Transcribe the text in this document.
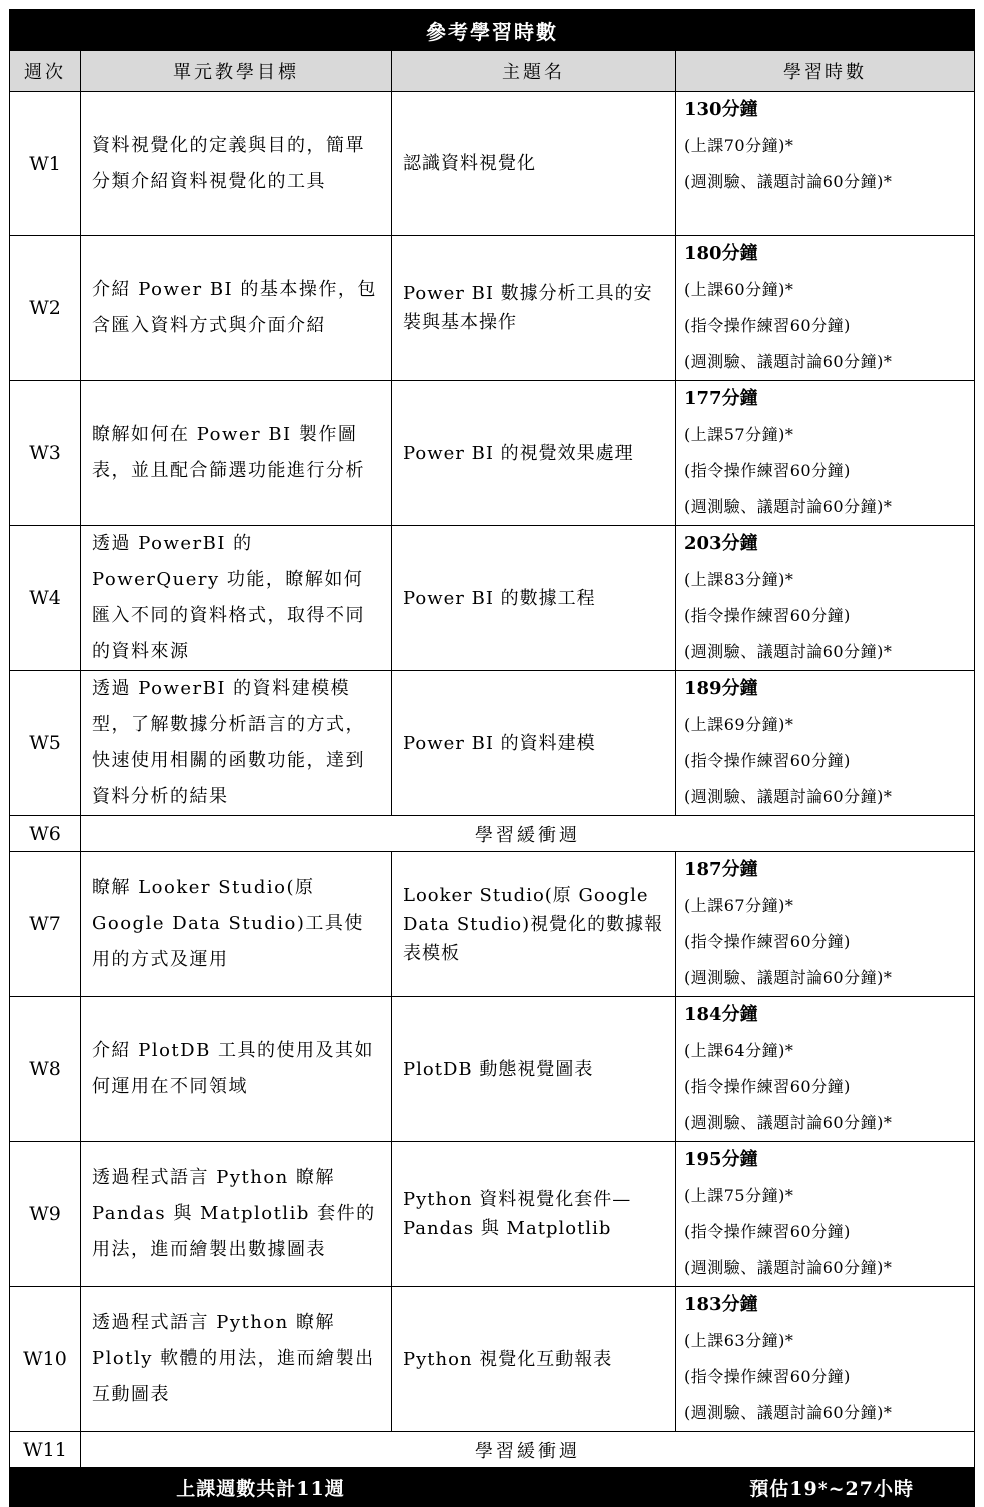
參考學習時數			
週次	單元教學目標	主題名	學習時數
W1	資料視覺化的定義與目的，簡單分類介紹資料視覺化的工具	認識資料視覺化	130分鐘
(上課70分鐘)*
(週測驗、議題討論60分鐘)*

W2	介紹 Power BI 的基本操作，包含匯入資料方式與介面介紹	Power BI 數據分析工具的安裝與基本操作	180分鐘
(上課60分鐘)*
(指令操作練習60分鐘)
(週測驗、議題討論60分鐘)*

W3	瞭解如何在 Power BI 製作圖表，並且配合篩選功能進行分析	Power BI 的視覺效果處理	177分鐘
(上課57分鐘)*
(指令操作練習60分鐘)
(週測驗、議題討論60分鐘)*

W4	透過 PowerBI 的 PowerQuery 功能，瞭解如何匯入不同的資料格式，取得不同的資料來源	Power BI 的數據工程	203分鐘
(上課83分鐘)*
(指令操作練習60分鐘)
(週測驗、議題討論60分鐘)*

W5	透過 PowerBI 的資料建模模型，了解數據分析語言的方式，快速使用相關的函數功能，達到資料分析的結果	Power BI 的資料建模	189分鐘
(上課69分鐘)*
(指令操作練習60分鐘)
(週測驗、議題討論60分鐘)*

W6	學習緩衝週		
W7	瞭解 Looker Studio(原 Google Data Studio)工具使用的方式及運用	Looker Studio(原 Google Data Studio)視覺化的數據報表模板	187分鐘
(上課67分鐘)*
(指令操作練習60分鐘)
(週測驗、議題討論60分鐘)*

W8	介紹 PlotDB 工具的使用及其如何運用在不同領域	PlotDB 動態視覺圖表	184分鐘
(上課64分鐘)*
(指令操作練習60分鐘)
(週測驗、議題討論60分鐘)*

W9	透過程式語言 Python 瞭解 Pandas 與 Matplotlib 套件的用法，進而繪製出數據圖表	Python 資料視覺化套件—Pandas 與 Matplotlib	195分鐘
(上課75分鐘)*
(指令操作練習60分鐘)
(週測驗、議題討論60分鐘)*

W10	透過程式語言 Python 瞭解 Plotly 軟體的用法，進而繪製出互動圖表	Python 視覺化互動報表	183分鐘
(上課63分鐘)*
(指令操作練習60分鐘)
(週測驗、議題討論60分鐘)*

W11	學習緩衝週		
上課週數共計11週		預估19*~27小時	
